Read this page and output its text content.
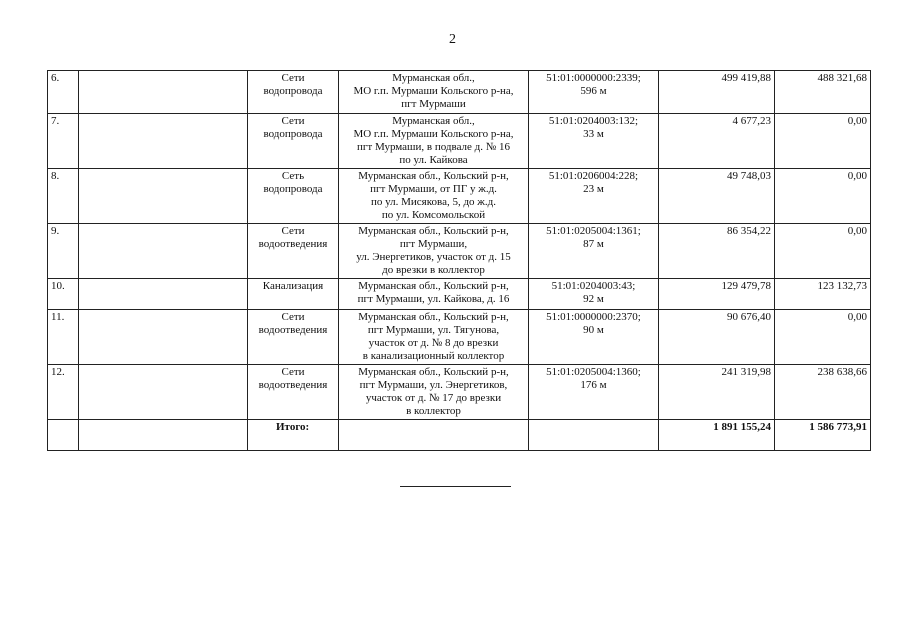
2
6.		Сети
водопровода	Мурманская обл.,
МО г.п. Мурмаши Кольского р-на,
пгт Мурмаши	51:01:0000000:2339;
596 м	499 419,88	488 321,68
7.		Сети
водопровода	Мурманская обл.,
МО г.п. Мурмаши Кольского р-на,
пгт Мурмаши, в подвале д. № 16
по ул. Кайкова	51:01:0204003:132;
33 м	4 677,23	0,00
8.		Сеть
водопровода	Мурманская обл., Кольский р-н,
пгт Мурмаши, от ПГ у ж.д.
по ул. Мисякова, 5, до ж.д.
по ул. Комсомольской	51:01:0206004:228;
23 м	49 748,03	0,00
9.		Сети
водоотведения	Мурманская обл., Кольский р-н,
пгт Мурмаши,
ул. Энергетиков, участок от д. 15
до врезки в коллектор	51:01:0205004:1361;
87 м	86 354,22	0,00
10.		Канализация	Мурманская обл., Кольский р-н,
пгт Мурмаши, ул. Кайкова, д. 16	51:01:0204003:43;
92 м	129 479,78	123 132,73
11.		Сети
водоотведения	Мурманская обл., Кольский р-н,
пгт Мурмаши, ул. Тягунова,
участок от д. № 8 до врезки
в канализационный коллектор	51:01:0000000:2370;
90 м	90 676,40	0,00
12.		Сети
водоотведения	Мурманская обл., Кольский р-н,
пгт Мурмаши, ул. Энергетиков,
участок от д. № 17 до врезки
в коллектор	51:01:0205004:1360;
176 м	241 319,98	238 638,66
		Итого:			1 891 155,24	1 586 773,91
